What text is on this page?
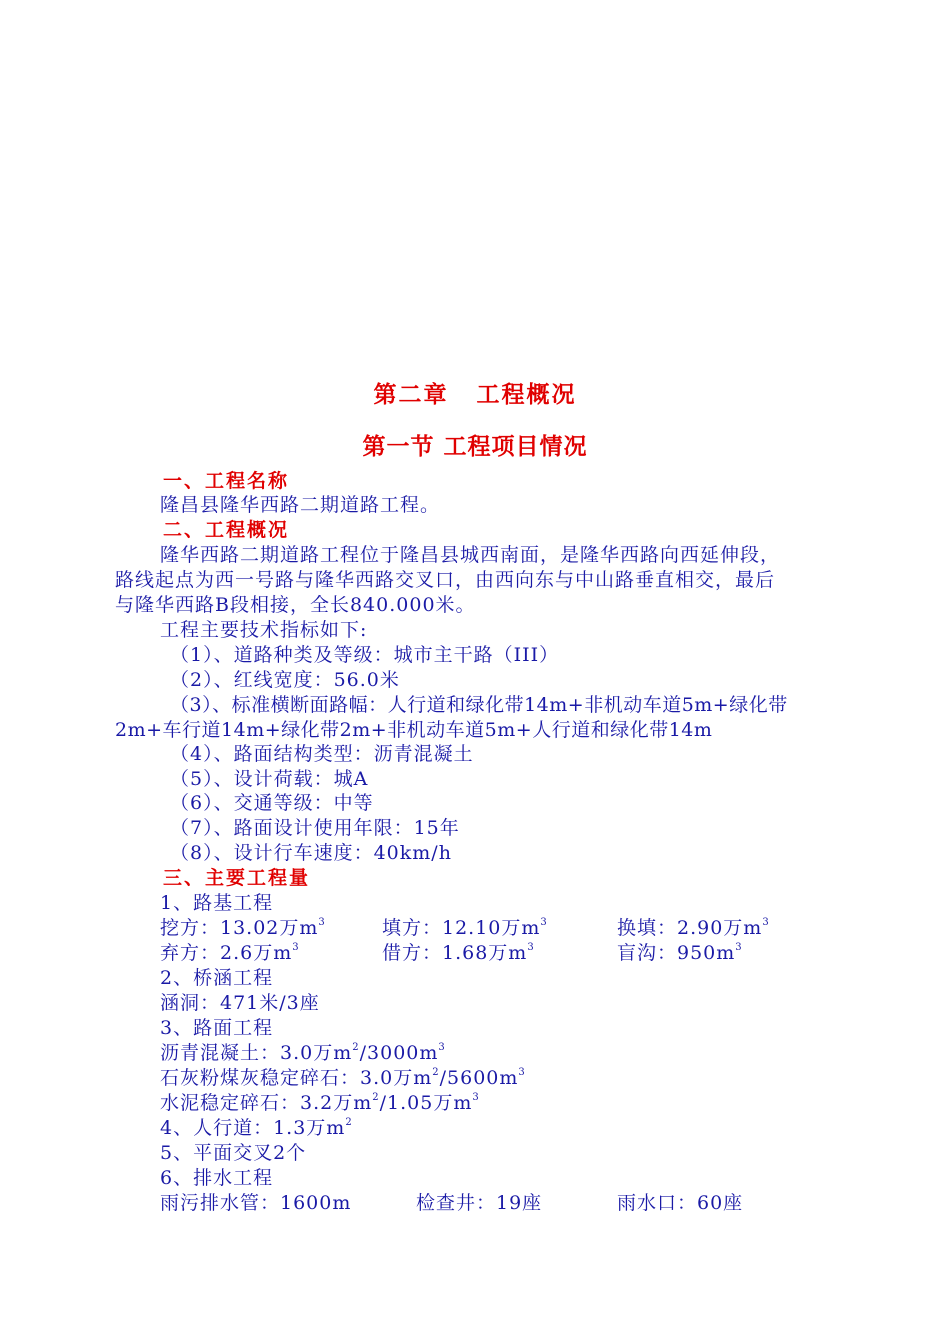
第二章 工程概况
第一节 工程项目情况
一、工程名称
隆昌县隆华西路二期道路工程。
二、工程概况
隆华西路二期道路工程位于隆昌县城西南面，是隆华西路向西延伸段，
路线起点为西一号路与隆华西路交叉口，由西向东与中山路垂直相交，最后
与隆华西路B段相接，全长840.000米。
工程主要技术指标如下:
（1）、道路种类及等级：城市主干路（III）
（2）、红线宽度：56.0米
（3）、标准横断面路幅：人行道和绿化带14m+非机动车道5m+绿化带
2m+车行道14m+绿化带2m+非机动车道5m+人行道和绿化带14m
（4）、路面结构类型：沥青混凝土
（5）、设计荷载：城A
（6）、交通等级：中等
（7）、路面设计使用年限：15年
（8）、设计行车速度：40km/h
三、主要工程量
1、路基工程
挖方：13.02万$m^3$	填方：12.10万$m^3$	换填：2.90万$m^3$
弃方：2.6万$m^3$	借方：1.68万$m^3$	盲沟：$950m^3$
2、桥涵工程
涵洞：471米/3座
3、路面工程
沥青混凝土：3.0万$m^2/3000m^3$
石灰粉煤灰稳定碎石：3.0万$m^2/5600m^3$
水泥稳定碎石：3.2万$m^2/1.05$万$m^3$
4、人行道：1.3万$m^2$
5、平面交叉2个
6、排水工程
雨污排水管：1600m	检查井：19座	雨水口：60座
